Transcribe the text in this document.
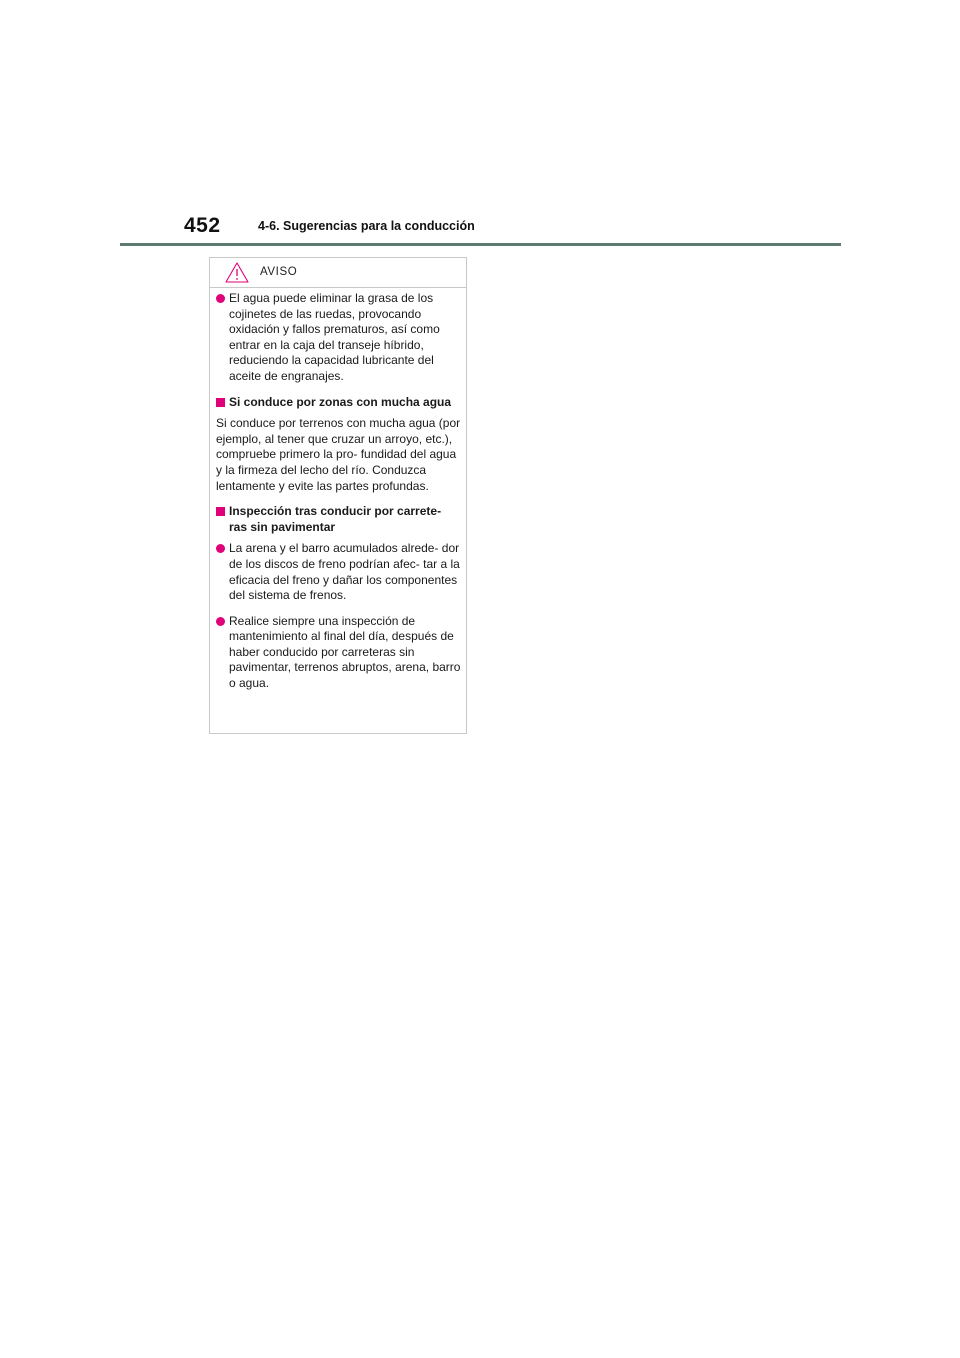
452	4-6. Sugerencias para la conducción
AVISO
El agua puede eliminar la grasa de los cojinetes de las ruedas, provocando oxidación y fallos prematuros, así como entrar en la caja del transeje híbrido, reduciendo la capacidad lubricante del aceite de engranajes.
Si conduce por zonas con mucha agua
Si conduce por terrenos con mucha agua (por ejemplo, al tener que cruzar un arroyo, etc.), compruebe primero la pro- fundidad del agua y la firmeza del lecho del río. Conduzca lentamente y evite las partes profundas.
Inspección tras conducir por carrete- ras sin pavimentar
La arena y el barro acumulados alrede- dor de los discos de freno podrían afec- tar a la eficacia del freno y dañar los componentes del sistema de frenos.
Realice siempre una inspección de mantenimiento al final del día, después de haber conducido por carreteras sin pavimentar, terrenos abruptos, arena, barro o agua.
